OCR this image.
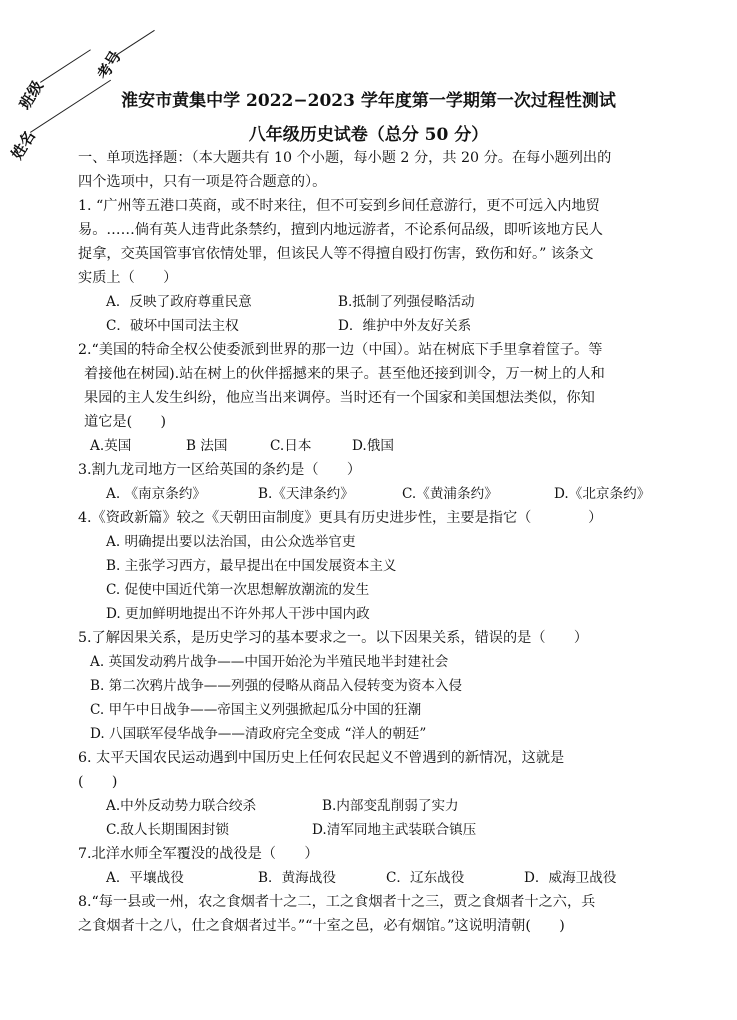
班级
考号
姓名
淮安市黄集中学 2022−2023 学年度第一学期第一次过程性测试
八年级历史试卷（总分 50 分）
一、单项选择题：（本大题共有 10 个小题，每小题 2 分，共 20 分。在每小题列出的
四个选项中，只有一项是符合题意的）。
1. “广州等五港口英商，或不时来往，但不可妄到乡间任意游行，更不可远入内地贸
易。……倘有英人违背此条禁约，擅到内地远游者，不论系何品级，即听该地方民人
捉拿，交英国管事官依情处罪，但该民人等不得擅自殴打伤害，致伤和好。” 该条文
实质上（　　）
A．反映了政府尊重民意	B.抵制了列强侵略活动
C．破坏中国司法主权	D．维护中外友好关系
2.“美国的特命全权公使委派到世界的那一边（中国）。站在树底下手里拿着筐子。等
着接他在树园).站在树上的伙伴摇撼来的果子。甚至他还接到训令，万一树上的人和
果园的主人发生纠纷，他应当出来调停。当时还有一个国家和美国想法类似，你知
道它是(　　)
A.英国	B 法国	C.日本	D.俄国
3.割九龙司地方一区给英国的条约是（　　）
A. 《南京条约》	B.《天津条约》	C.《黄浦条约》	D.《北京条约》
4.《资政新篇》较之《天朝田亩制度》更具有历史进步性，主要是指它（　　　　）
A. 明确提出要以法治国，由公众选举官吏
B. 主张学习西方，最早提出在中国发展资本主义
C. 促使中国近代第一次思想解放潮流的发生
D. 更加鲜明地提出不许外邦人干涉中国内政
5.了解因果关系，是历史学习的基本要求之一。以下因果关系，错误的是（　　）
A. 英国发动鸦片战争——中国开始沦为半殖民地半封建社会
B. 第二次鸦片战争——列强的侵略从商品入侵转变为资本入侵
C. 甲午中日战争——帝国主义列强掀起瓜分中国的狂潮
D. 八国联军侵华战争——清政府完全变成 “洋人的朝廷”
6. 太平天国农民运动遇到中国历史上任何农民起义不曾遇到的新情况，这就是
(　　)
A.中外反动势力联合绞杀	B.内部变乱削弱了实力
C.敌人长期围困封锁	D.清军同地主武装联合镇压
7.北洋水师全军覆没的战役是（　　）
A．平壤战役	B．黄海战役	C．辽东战役	D．威海卫战役
8.“每一县或一州，农之食烟者十之二，工之食烟者十之三，贾之食烟者十之六，兵
之食烟者十之八，仕之食烟者过半。”“十室之邑，必有烟馆。”这说明清朝(　　)
